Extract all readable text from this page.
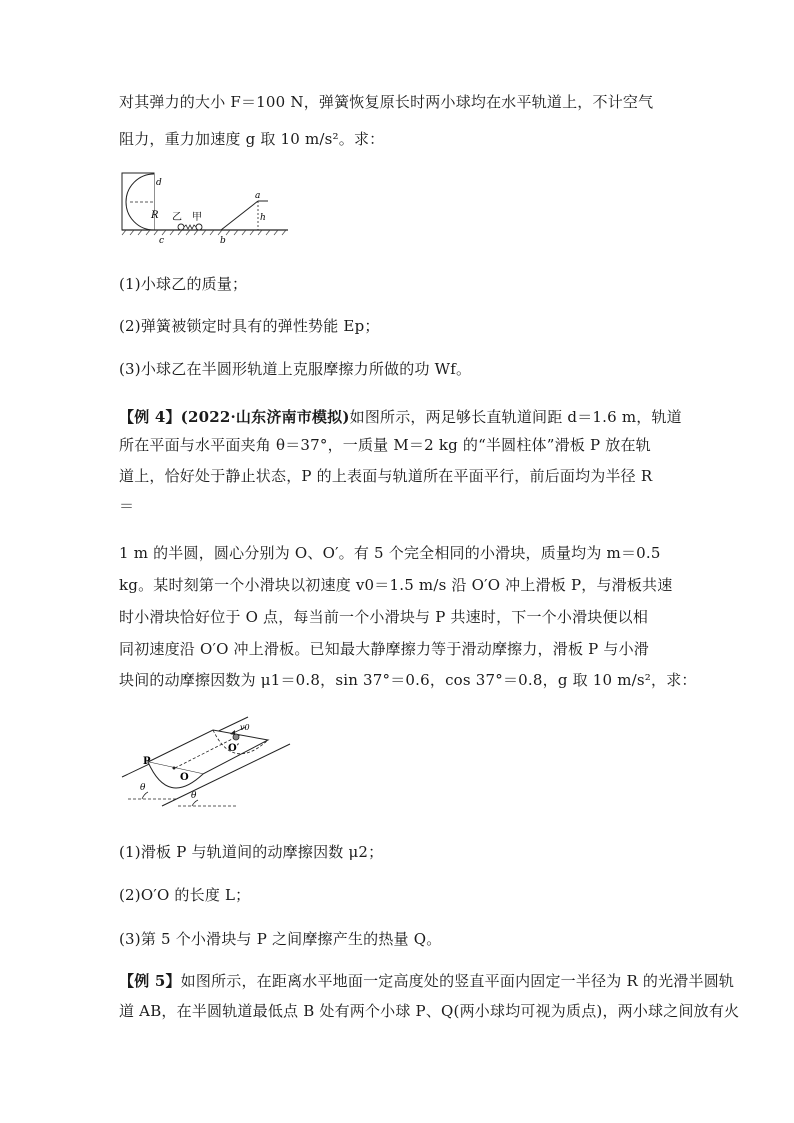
对其弹力的大小 F＝100 N，弹簧恢复原长时两小球均在水平轨道上，不计空气
阻力，重力加速度 g 取 10 m/s²。求：
d
R 乙 甲
c	b
a
h
(1)小球乙的质量；
(2)弹簧被锁定时具有的弹性势能 Ep；
(3)小球乙在半圆形轨道上克服摩擦力所做的功 Wf。
【例 4】(2022·山东济南市模拟)如图所示，两足够长直轨道间距 d＝1.6 m，轨道
所在平面与水平面夹角 θ＝37°，一质量 M＝2 kg 的“半圆柱体”滑板 P 放在轨
道上，恰好处于静止状态，P 的上表面与轨道所在平面平行，前后面均为半径 R
＝
1 m 的半圆，圆心分别为 O、O′。有 5 个完全相同的小滑块，质量均为 m＝0.5
kg。某时刻第一个小滑块以初速度 v0＝1.5 m/s 沿 O′O 冲上滑板 P，与滑板共速
时小滑块恰好位于 O 点，每当前一个小滑块与 P 共速时，下一个小滑块便以相
同初速度沿 O′O 冲上滑板。已知最大静摩擦力等于滑动摩擦力，滑板 P 与小滑
块间的动摩擦因数为 μ1＝0.8，sin 37°＝0.6，cos 37°＝0.8，g 取 10 m/s²，求：
v0
O′
P
O
θ
θ
(1)滑板 P 与轨道间的动摩擦因数 μ2；
(2)O′O 的长度 L；
(3)第 5 个小滑块与 P 之间摩擦产生的热量 Q。
【例 5】如图所示，在距离水平地面一定高度处的竖直平面内固定一半径为 R 的光滑半圆轨
道 AB，在半圆轨道最低点 B 处有两个小球 P、Q(两小球均可视为质点)，两小球之间放有火
